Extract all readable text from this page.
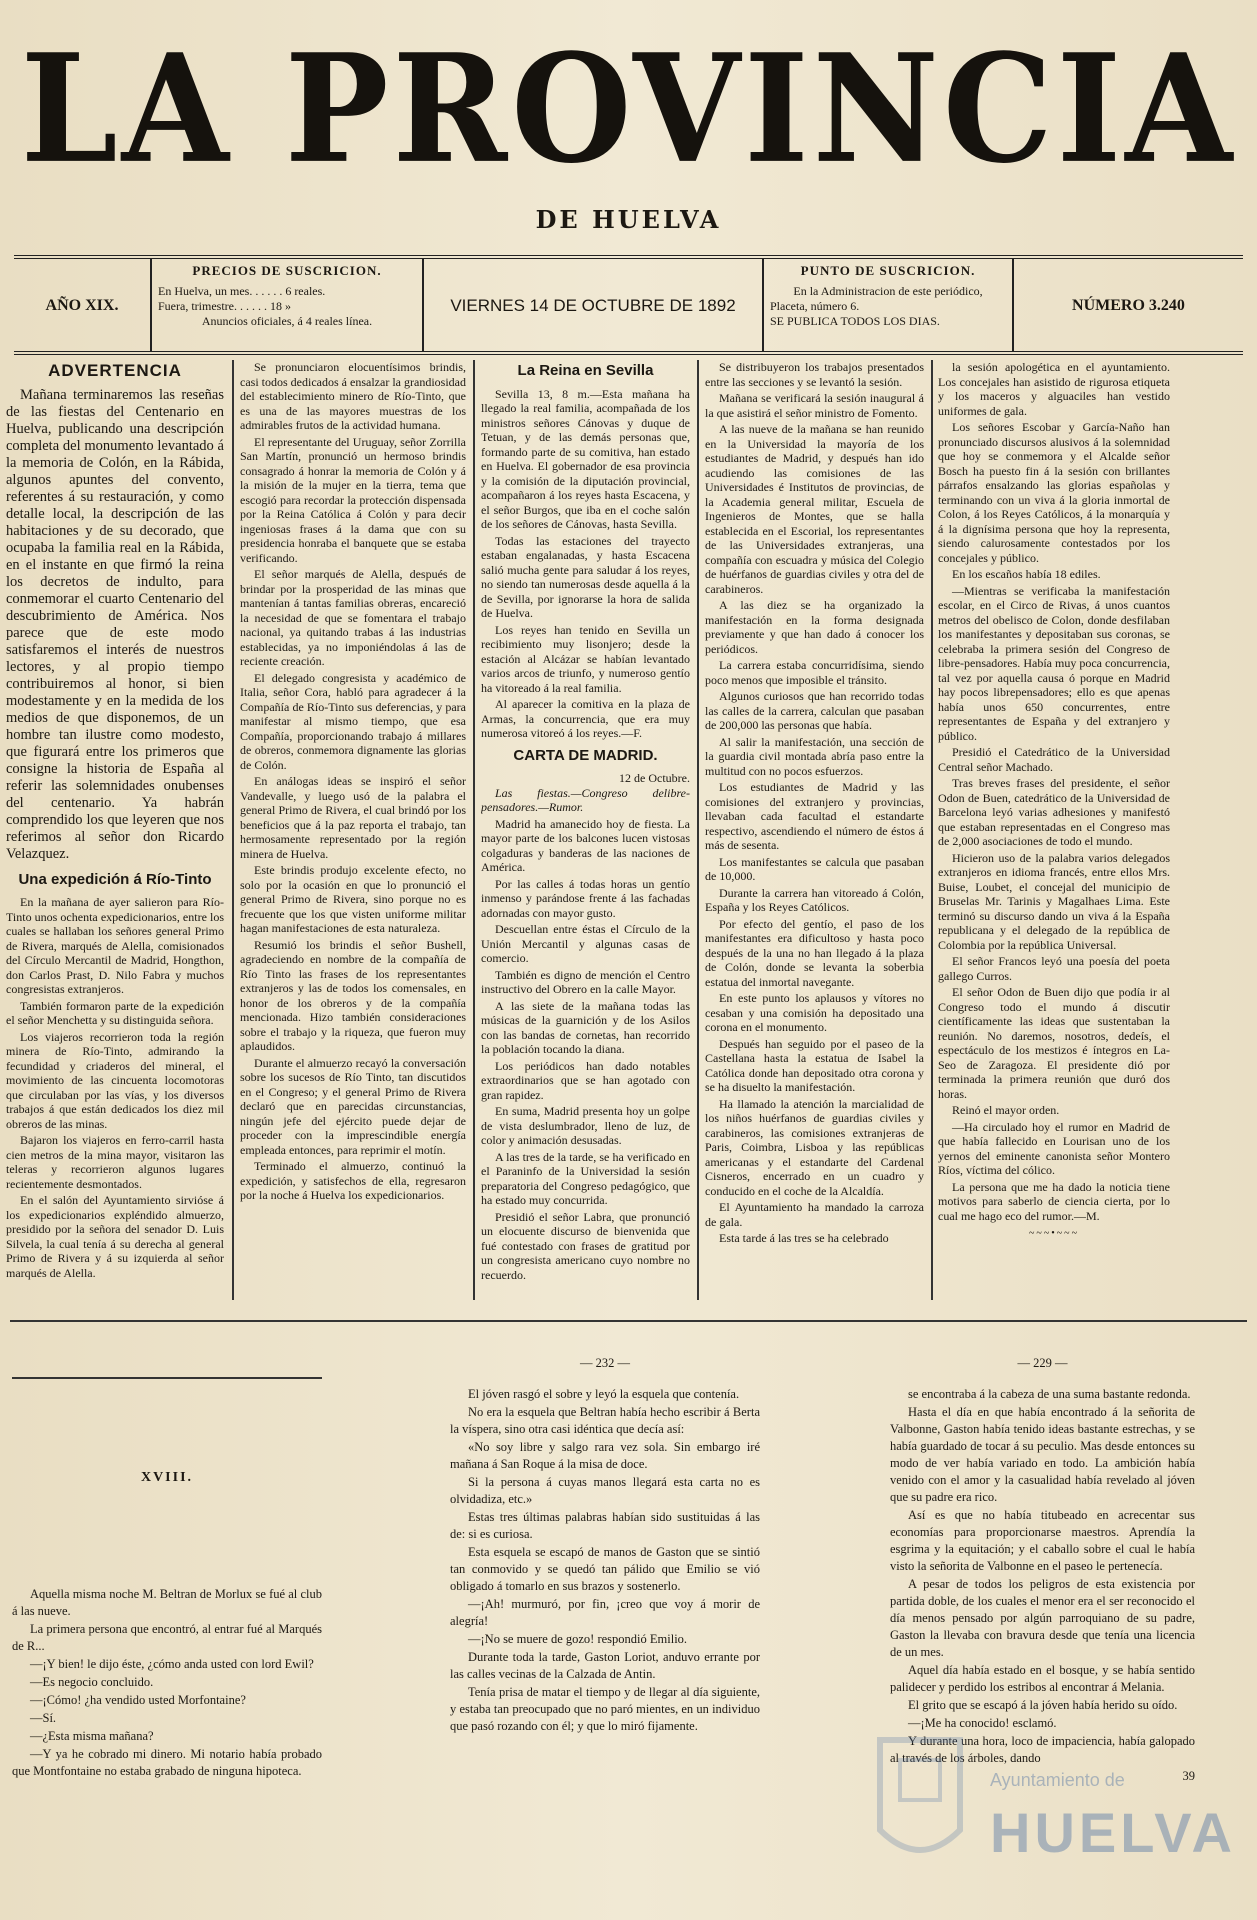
LA PROVINCIA
DE HUELVA
AÑO XIX.
PRECIOS DE SUSCRICION.
En Huelva, un mes. . . . . . 6 reales.
Fuera, trimestre. . . . . . 18 »
Anuncios oficiales, á 4 reales línea.
VIERNES 14 DE OCTUBRE DE 1892
PUNTO DE SUSCRICION.
En la Administracion de este periódico,
Placeta, número 6.
SE PUBLICA TODOS LOS DIAS.
NÚMERO 3.240
ADVERTENCIA

Mañana terminaremos las reseñas de las fiestas del Centenario en Huelva, publicando una descripción completa del monumento levantado á la memoria de Colón, en la Rábida, algunos apuntes del convento, referentes á su restauración, y como detalle local, la descripción de las habitaciones y de su decorado, que ocupaba la familia real en la Rábida, en el instante en que firmó la reina los decretos de indulto, para conmemorar el cuarto Centenario del descubrimiento de América. Nos parece que de este modo satisfaremos el interés de nuestros lectores, y al propio tiempo contribuiremos al honor, si bien modestamente y en la medida de los medios de que disponemos, de un hombre tan ilustre como modesto, que figurará entre los primeros que consigne la historia de España al referir las solemnidades onubenses del centenario. Ya habrán comprendido los que leyeren que nos referimos al señor don Ricardo Velazquez.

Una expedición á Río-Tinto

En la mañana de ayer salieron para Río-Tinto unos ochenta expedicionarios, entre los cuales se hallaban los señores general Primo de Rivera, marqués de Alella, comisionados del Círculo Mercantil de Madrid, Hongthon, don Carlos Prast, D. Nilo Fabra y muchos congresistas extranjeros.

También formaron parte de la expedición el señor Menchetta y su distinguida señora.

Los viajeros recorrieron toda la región minera de Río-Tinto, admirando la fecundidad y criaderos del mineral, el movimiento de las cincuenta locomotoras que circulaban por las vías, y los diversos trabajos á que están dedicados los diez mil obreros de las minas.

Bajaron los viajeros en ferro-carril hasta cien metros de la mina mayor, visitaron las teleras y recorrieron algunos lugares recientemente desmontados.

En el salón del Ayuntamiento sirvióse á los expedicionarios expléndido almuerzo, presidido por la señora del senador D. Luis Silvela, la cual tenía á su derecha al general Primo de Rivera y á su izquierda al señor marqués de Alella.

Se pronunciaron elocuentísimos brindis, casi todos dedicados á ensalzar la grandiosidad del establecimiento minero de Río-Tinto, que es una de las mayores muestras de los admirables frutos de la actividad humana.

El representante del Uruguay, señor Zorrilla San Martín, pronunció un hermoso brindis consagrado á honrar la memoria de Colón y á la misión de la mujer en la tierra, tema que escogió para recordar la protección dispensada por la Reina Católica á Colón y para decir ingeniosas frases á la dama que con su presidencia honraba el banquete que se estaba verificando.

El señor marqués de Alella, después de brindar por la prosperidad de las minas que mantenían á tantas familias obreras, encareció la necesidad de que se fomentara el trabajo nacional, ya quitando trabas á las industrias establecidas, ya no imponiéndolas á las de reciente creación.

El delegado congresista y académico de Italia, señor Cora, habló para agradecer á la Compañía de Río-Tinto sus deferencias, y para manifestar al mismo tiempo, que esa Compañía, proporcionando trabajo á millares de obreros, conmemora dignamente las glorias de Colón.

En análogas ideas se inspiró el señor Vandevalle, y luego usó de la palabra el general Primo de Rivera, el cual brindó por los beneficios que á la paz reporta el trabajo, tan hermosamente representado por la región minera de Huelva.

Este brindis produjo excelente efecto, no solo por la ocasión en que lo pronunció el general Primo de Rivera, sino porque no es frecuente que los que visten uniforme militar hagan manifestaciones de esta naturaleza.

Resumió los brindis el señor Bushell, agradeciendo en nombre de la compañía de Río Tinto las frases de los representantes extranjeros y las de todos los comensales, en honor de los obreros y de la compañía mencionada. Hizo también consideraciones sobre el trabajo y la riqueza, que fueron muy aplaudidos.

Durante el almuerzo recayó la conversación sobre los sucesos de Río Tinto, tan discutidos en el Congreso; y el general Primo de Rivera declaró que en parecidas circunstancias, ningún jefe del ejército puede dejar de proceder con la imprescindible energía empleada entonces, para reprimir el motín.

Terminado el almuerzo, continuó la expedición, y satisfechos de ella, regresaron por la noche á Huelva los expedicionarios.

La Reina en Sevilla

Sevilla 13, 8 m.—Esta mañana ha llegado la real familia, acompañada de los ministros señores Cánovas y duque de Tetuan, y de las demás personas que, formando parte de su comitiva, han estado en Huelva. El gobernador de esa provincia y la comisión de la diputación provincial, acompañaron á los reyes hasta Escacena, y el señor Burgos, que iba en el coche salón de los señores de Cánovas, hasta Sevilla.

Todas las estaciones del trayecto estaban engalanadas, y hasta Escacena salió mucha gente para saludar á los reyes, no siendo tan numerosas desde aquella á la de Sevilla, por ignorarse la hora de salida de Huelva.

Los reyes han tenido en Sevilla un recibimiento muy lisonjero; desde la estación al Alcázar se habían levantado varios arcos de triunfo, y numeroso gentío ha vitoreado á la real familia.

Al aparecer la comitiva en la plaza de Armas, la concurrencia, que era muy numerosa vitoreó á los reyes.—F.

CARTA DE MADRID.
12 de Octubre.

Las fiestas.—Congreso delibre-pensadores.—Rumor.

Madrid ha amanecido hoy de fiesta. La mayor parte de los balcones lucen vistosas colgaduras y banderas de las naciones de América.

Por las calles á todas horas un gentío inmenso y parándose frente á las fachadas adornadas con mayor gusto.

Descuellan entre éstas el Círculo de la Unión Mercantil y algunas casas de comercio.

También es digno de mención el Centro instructivo del Obrero en la calle Mayor.

A las siete de la mañana todas las músicas de la guarnición y de los Asilos con las bandas de cornetas, han recorrido la población tocando la diana.

Los periódicos han dado notables extraordinarios que se han agotado con gran rapidez.

En suma, Madrid presenta hoy un golpe de vista deslumbrador, lleno de luz, de color y animación desusadas.

A las tres de la tarde, se ha verificado en el Paraninfo de la Universidad la sesión preparatoria del Congreso pedagógico, que ha estado muy concurrida.

Presidió el señor Labra, que pronunció un elocuente discurso de bienvenida que fué contestado con frases de gratitud por un congresista americano cuyo nombre no recuerdo.

Se distribuyeron los trabajos presentados entre las secciones y se levantó la sesión.

Mañana se verificará la sesión inaugural á la que asistirá el señor ministro de Fomento.

A las nueve de la mañana se han reunido en la Universidad la mayoría de los estudiantes de Madrid, y después han ido acudiendo las comisiones de las Universidades é Institutos de provincias, de la Academia general militar, Escuela de Ingenieros de Montes, que se halla establecida en el Escorial, los representantes de las Universidades extranjeras, una compañía con escuadra y música del Colegio de huérfanos de guardias civiles y otra del de carabineros.

A las diez se ha organizado la manifestación en la forma designada previamente y que han dado á conocer los periódicos.

La carrera estaba concurridísima, siendo poco menos que imposible el tránsito.

Algunos curiosos que han recorrido todas las calles de la carrera, calculan que pasaban de 200,000 las personas que había.

Al salir la manifestación, una sección de la guardia civil montada abría paso entre la multitud con no pocos esfuerzos.

Los estudiantes de Madrid y las comisiones del extranjero y provincias, llevaban cada facultad el estandarte respectivo, ascendiendo el número de éstos á más de sesenta.

Los manifestantes se calcula que pasaban de 10,000.

Durante la carrera han vitoreado á Colón, España y los Reyes Católicos.

Por efecto del gentío, el paso de los manifestantes era dificultoso y hasta poco después de la una no han llegado á la plaza de Colón, donde se levanta la soberbia estatua del inmortal navegante.

En este punto los aplausos y vítores no cesaban y una comisión ha depositado una corona en el monumento.

Después han seguido por el paseo de la Castellana hasta la estatua de Isabel la Católica donde han depositado otra corona y se ha disuelto la manifestación.

Ha llamado la atención la marcialidad de los niños huérfanos de guardias civiles y carabineros, las comisiones extranjeras de Paris, Coimbra, Lisboa y las repúblicas americanas y el estandarte del Cardenal Cisneros, encerrado en un cuadro y conducido en el coche de la Alcaldía.

El Ayuntamiento ha mandado la carroza de gala.

Esta tarde á las tres se ha celebrado

la sesión apologética en el ayuntamiento. Los concejales han asistido de rigurosa etiqueta y los maceros y alguaciles han vestido uniformes de gala.

Los señores Escobar y García-Naño han pronunciado discursos alusivos á la solemnidad que hoy se conmemora y el Alcalde señor Bosch ha puesto fin á la sesión con brillantes párrafos ensalzando las glorias españolas y terminando con un viva á la gloria inmortal de Colon, á los Reyes Católicos, á la monarquía y á la dignísima persona que hoy la representa, siendo calurosamente contestados por los concejales y público.

En los escaños había 18 ediles.

—Mientras se verificaba la manifestación escolar, en el Circo de Rivas, á unos cuantos metros del obelisco de Colon, donde desfilaban los manifestantes y depositaban sus coronas, se celebraba la primera sesión del Congreso de libre-pensadores. Había muy poca concurrencia, tal vez por aquella causa ó porque en Madrid hay pocos librepensadores; ello es que apenas había unos 650 concurrentes, entre representantes de España y del extranjero y público.

Presidió el Catedrático de la Universidad Central señor Machado.

Tras breves frases del presidente, el señor Odon de Buen, catedrático de la Universidad de Barcelona leyó varias adhesiones y manifestó que estaban representadas en el Congreso mas de 2,000 asociaciones de todo el mundo.

Hicieron uso de la palabra varios delegados extranjeros en idioma francés, entre ellos Mrs. Buise, Loubet, el concejal del municipio de Bruselas Mr. Tarinis y Magalhaes Lima. Este terminó su discurso dando un viva á la España republicana y el delegado de la república de Colombia por la república Universal.

El señor Francos leyó una poesía del poeta gallego Curros.

El señor Odon de Buen dijo que podía ir al Congreso todo el mundo á discutir científicamente las ideas que sustentaban la reunión. No daremos, nosotros, dedeís, el espectáculo de los mestizos é íntegros en La-Seo de Zaragoza. El presidente dió por terminada la primera reunión que duró dos horas.

Reinó el mayor orden.

—Ha circulado hoy el rumor en Madrid de que había fallecido en Lourisan uno de los yernos del eminente canonista señor Montero Ríos, víctima del cólico.

La persona que me ha dado la noticia tiene motivos para saberlo de ciencia cierta, por lo cual me hago eco del rumor.—M.

~~~•~~~
XVIII.

Aquella misma noche M. Beltran de Morlux se fué al club á las nueve.

La primera persona que encontró, al entrar fué al Marqués de R...

—¡Y bien! le dijo éste, ¿cómo anda usted con lord Ewil?

—Es negocio concluido.

—¡Cómo! ¿ha vendido usted Morfontaine?

—Sí.

—¿Esta misma mañana?

—Y ya he cobrado mi dinero. Mi notario había probado que Montfontaine no estaba grabado de ninguna hipoteca.

— 232 —

El jóven rasgó el sobre y leyó la esquela que contenía.

No era la esquela que Beltran había hecho escribir á Berta la víspera, sino otra casi idéntica que decía así:

«No soy libre y salgo rara vez sola. Sin embargo iré mañana á San Roque á la misa de doce.

Si la persona á cuyas manos llegará esta carta no es olvidadiza, etc.»

Estas tres últimas palabras habían sido sustituidas á las de: si es curiosa.

Esta esquela se escapó de manos de Gaston que se sintió tan conmovido y se quedó tan pálido que Emilio se vió obligado á tomarlo en sus brazos y sostenerlo.

—¡Ah! murmuró, por fin, ¡creo que voy á morir de alegría!

—¡No se muere de gozo! respondió Emilio.

Durante toda la tarde, Gaston Loriot, anduvo errante por las calles vecinas de la Calzada de Antin.

Tenía prisa de matar el tiempo y de llegar al día siguiente, y estaba tan preocupado que no paró mientes, en un individuo que pasó rozando con él; y que lo miró fijamente.

— 229 —

se encontraba á la cabeza de una suma bastante redonda.

Hasta el día en que había encontrado á la señorita de Valbonne, Gaston había tenido ideas bastante estrechas, y se había guardado de tocar á su peculio. Mas desde entonces su modo de ver había variado en todo. La ambición había venido con el amor y la casualidad había revelado al jóven que su padre era rico.

Así es que no había titubeado en acrecentar sus economías para proporcionarse maestros. Aprendía la esgrima y la equitación; y el caballo sobre el cual le había visto la señorita de Valbonne en el paseo le pertenecía.

A pesar de todos los peligros de esta existencia por partida doble, de los cuales el menor era el ser reconocido el día menos pensado por algún parroquiano de su padre, Gaston la llevaba con bravura desde que tenía una licencia de un mes.

Aquel día había estado en el bosque, y se había sentido palidecer y perdido los estribos al encontrar á Melania.

El grito que se escapó á la jóven había herido su oído.

—¡Me ha conocido! esclamó.

Y durante una hora, loco de impaciencia, había galopado al través de los árboles, dando

39
Ayuntamiento de
HUELVA
